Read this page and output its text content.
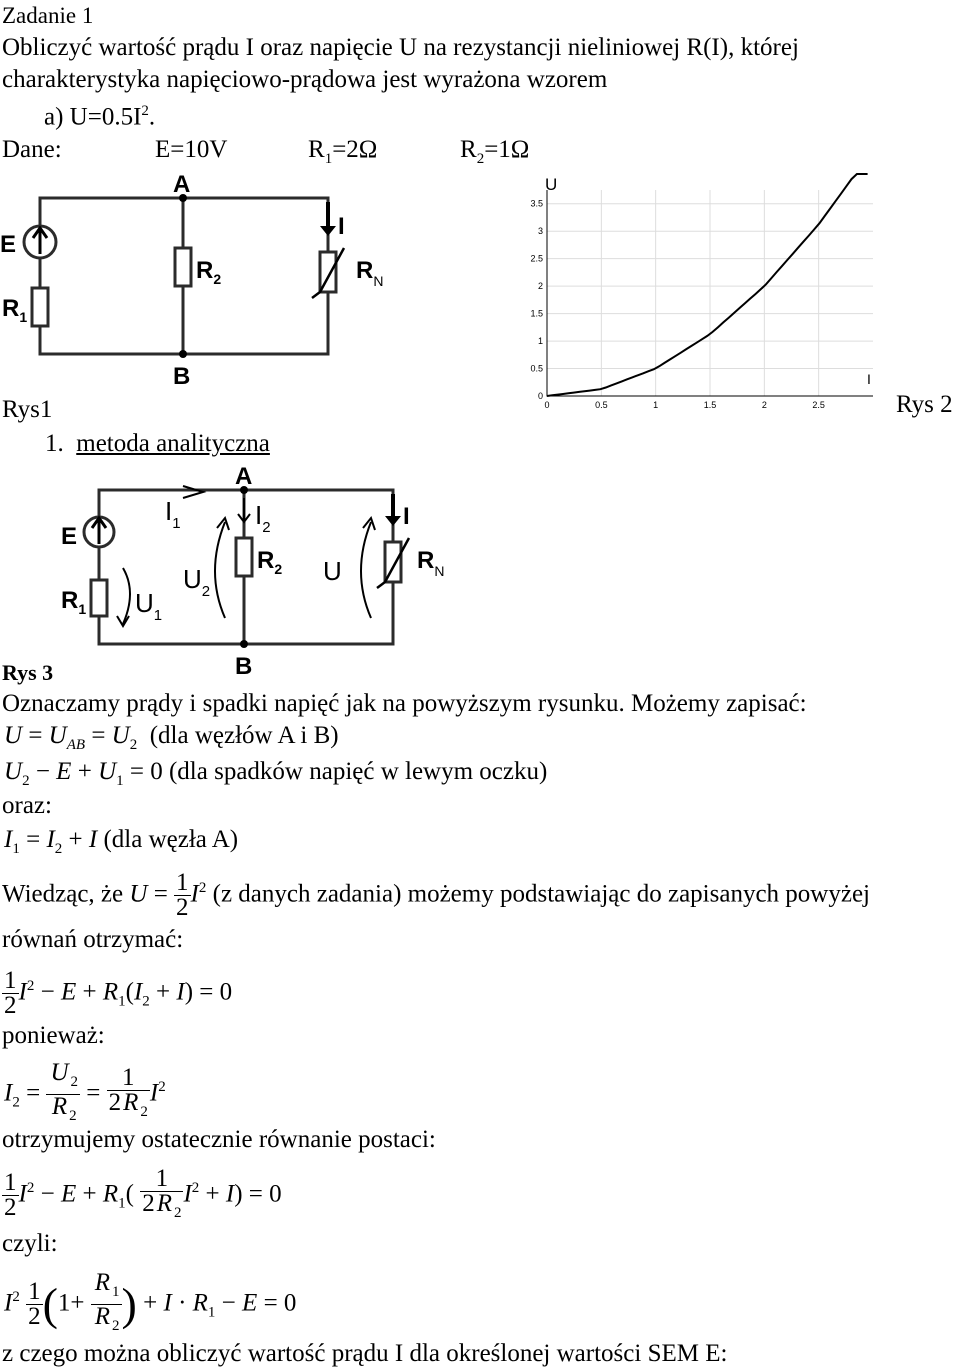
Zadanie 1
Obliczyć wartość prądu I oraz napięcie U na rezystancji nieliniowej R(I), której
charakterystyka napięciowo-prądowa jest wyrażona wzorem
a) $U=0.5I^2$.
Dane:	E=10V	$R_1=2\Omega$	$R_2=1\Omega$
A
B
E
$R_1$
$R_2$
I
$R_N$
Rys1	0
0.5
1
1.5
2
2.5
3
3.5
0	0.5	1	1.5	2	2.5
U
I
Rys 2
1. metoda analityczna
A
B
E
$R_1$ $U_1$
$I_1$	$I_2$
$U_2$
$R_2$ U
I
$R_N$
Rys 3
Oznaczamy prądy i spadki napięć jak na powyższym rysunku. Możemy zapisać:
$U = U_{AB} = U_2$ (dla węzłów A i B)
$U_2 - E + U_1 = 0$ (dla spadków napięć w lewym oczku)
oraz:
$I_1 = I_2 + I$ (dla węzła A)
Wiedząc, że $U = \frac{1}{2} I^2$ (z danych zadania) możemy podstawiając do zapisanych powyżej
równań otrzymać:
$\frac{1}{2} I^2 - E + R_1(I_2 + I) = 0$
ponieważ:
$I_2 = \frac{U _2}{R _2} = \frac{1}{2R _2} I^2$
otrzymujemy ostatecznie równanie postaci:
$\frac{1}{2} I^2 - E + R_1( \frac{1}{2R _2} I^2 + I) = 0$
czyli:
$I^2 \frac{1}{2} (1+ \frac{R _1}{R _2}$ ) + $I \cdot R_1 - E = 0$
z czego można obliczyć wartość prądu I dla określonej wartości SEM E:
